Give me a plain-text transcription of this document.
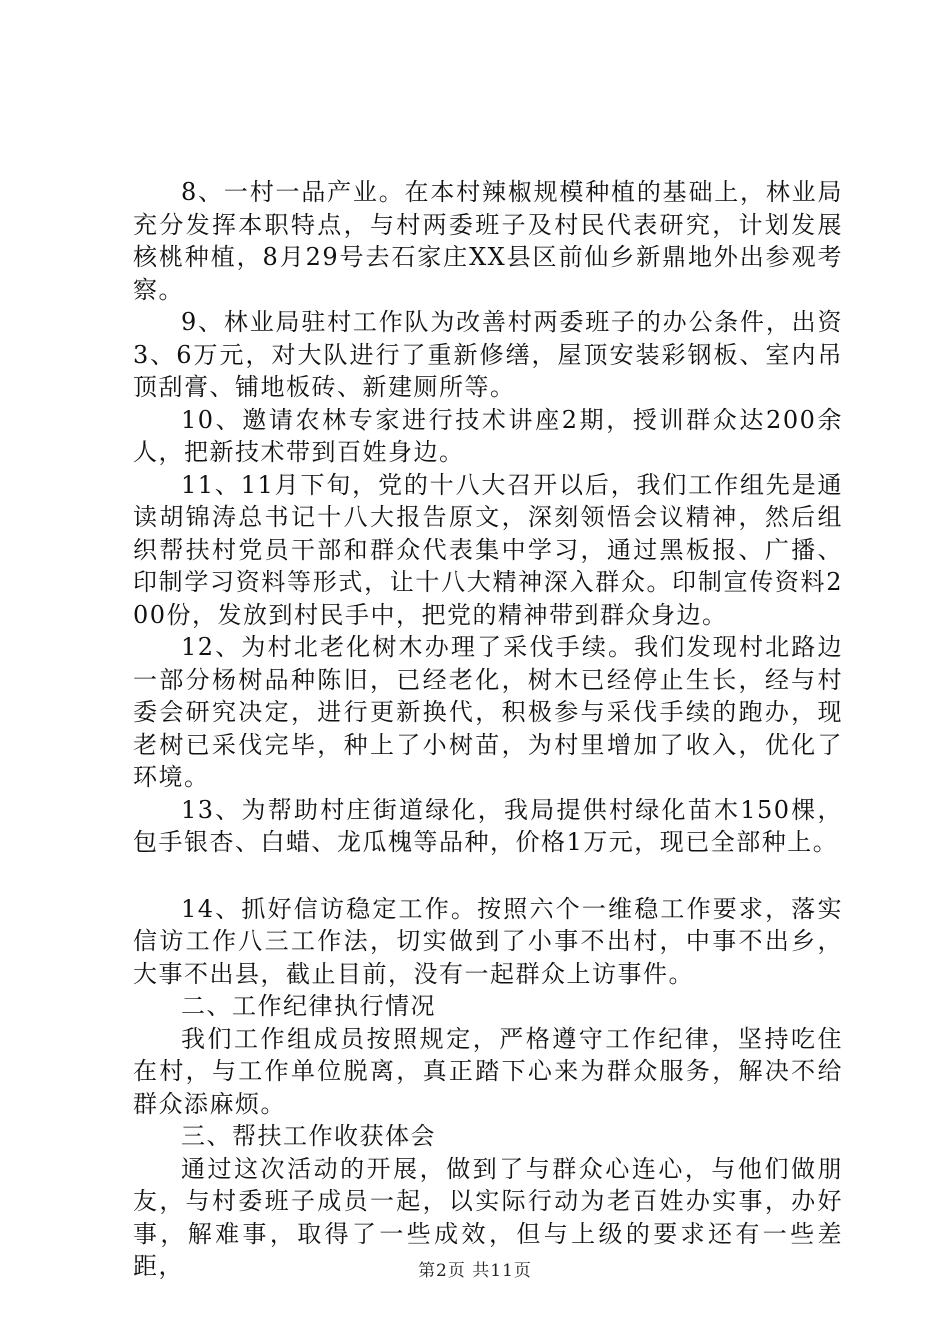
8、一村一品产业。在本村辣椒规模种植的基础上，林业局充分发挥本职特点，与村两委班子及村民代表研究，计划发展核桃种植，8月29号去石家庄XX县区前仙乡新鼎地外出参观考察。

9、林业局驻村工作队为改善村两委班子的办公条件，出资3、6万元，对大队进行了重新修缮，屋顶安装彩钢板、室内吊顶刮膏、铺地板砖、新建厕所等。

10、邀请农林专家进行技术讲座2期，授训群众达200余人，把新技术带到百姓身边。

11、11月下旬，党的十八大召开以后，我们工作组先是通读胡锦涛总书记十八大报告原文，深刻领悟会议精神，然后组织帮扶村党员干部和群众代表集中学习，通过黑板报、广播、印制学习资料等形式，让十八大精神深入群众。印制宣传资料200份，发放到村民手中，把党的精神带到群众身边。

12、为村北老化树木办理了采伐手续。我们发现村北路边一部分杨树品种陈旧，已经老化，树木已经停止生长，经与村委会研究决定，进行更新换代，积极参与采伐手续的跑办，现老树已采伐完毕，种上了小树苗，为村里增加了收入，优化了环境。

13、为帮助村庄街道绿化，我局提供村绿化苗木150棵，包手银杏、白蜡、龙瓜槐等品种，价格1万元，现已全部种上。

14、抓好信访稳定工作。按照六个一维稳工作要求，落实信访工作八三工作法，切实做到了小事不出村，中事不出乡，大事不出县，截止目前，没有一起群众上访事件。

二、工作纪律执行情况

我们工作组成员按照规定，严格遵守工作纪律，坚持吃住在村，与工作单位脱离，真正踏下心来为群众服务，解决不给群众添麻烦。

三、帮扶工作收获体会

通过这次活动的开展，做到了与群众心连心，与他们做朋友，与村委班子成员一起，以实际行动为老百姓办实事，办好事，解难事，取得了一些成效，但与上级的要求还有一些差距，	第2页 共11页
